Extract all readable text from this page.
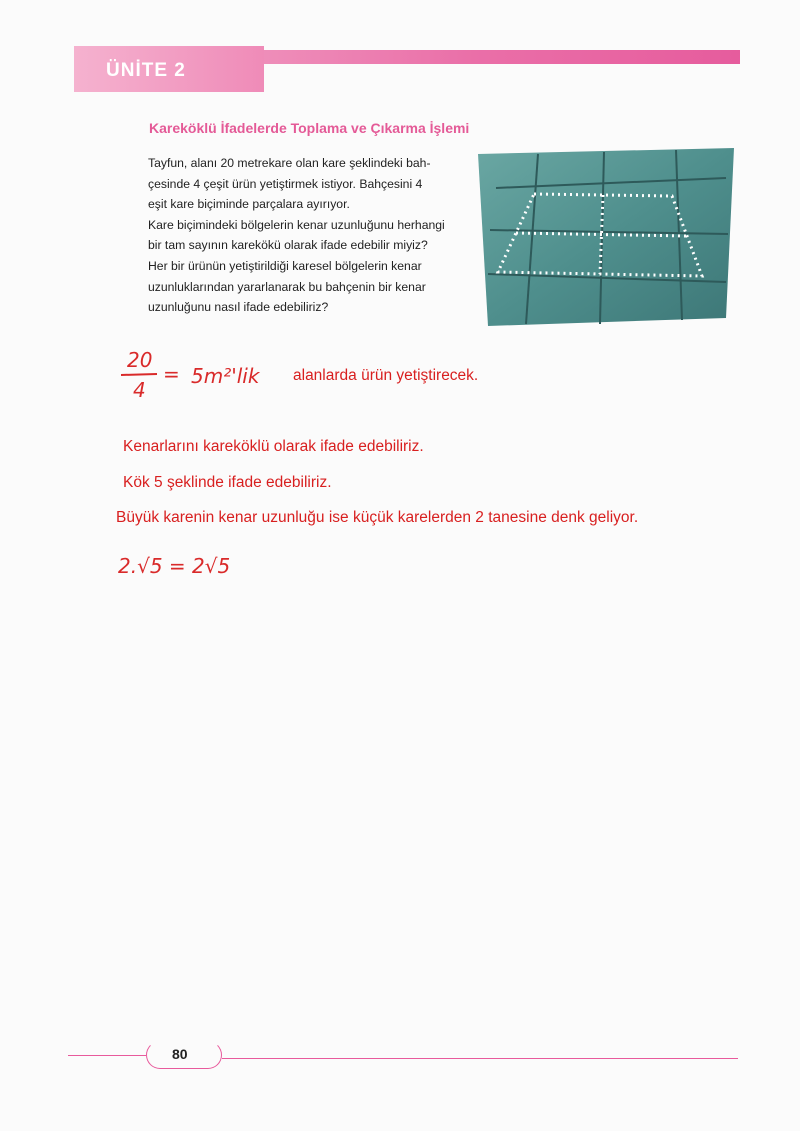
ÜNİTE 2
Kareköklü İfadelerde Toplama ve Çıkarma İşlemi
Tayfun, alanı 20 metrekare olan kare şeklindeki bah-
çesinde 4 çeşit ürün yetiştirmek istiyor. Bahçesini 4
eşit kare biçiminde parçalara ayırıyor.
Kare biçimindeki bölgelerin kenar uzunluğunu herhangi
bir tam sayının karekökü olarak ifade edebilir miyiz?
Her bir ürünün yetiştirildiği karesel bölgelerin kenar
uzunluklarından yararlanarak bu bahçenin bir kenar
uzunluğunu nasıl ifade edebiliriz?
20
4
= 5m²'lik alanlarda ürün yetiştirecek.
Kenarlarını kareköklü olarak ifade edebiliriz.
Kök 5 şeklinde ifade edebiliriz.
Büyük karenin kenar uzunluğu ise küçük karelerden 2 tanesine denk geliyor.
2.√5 = 2√5
80
